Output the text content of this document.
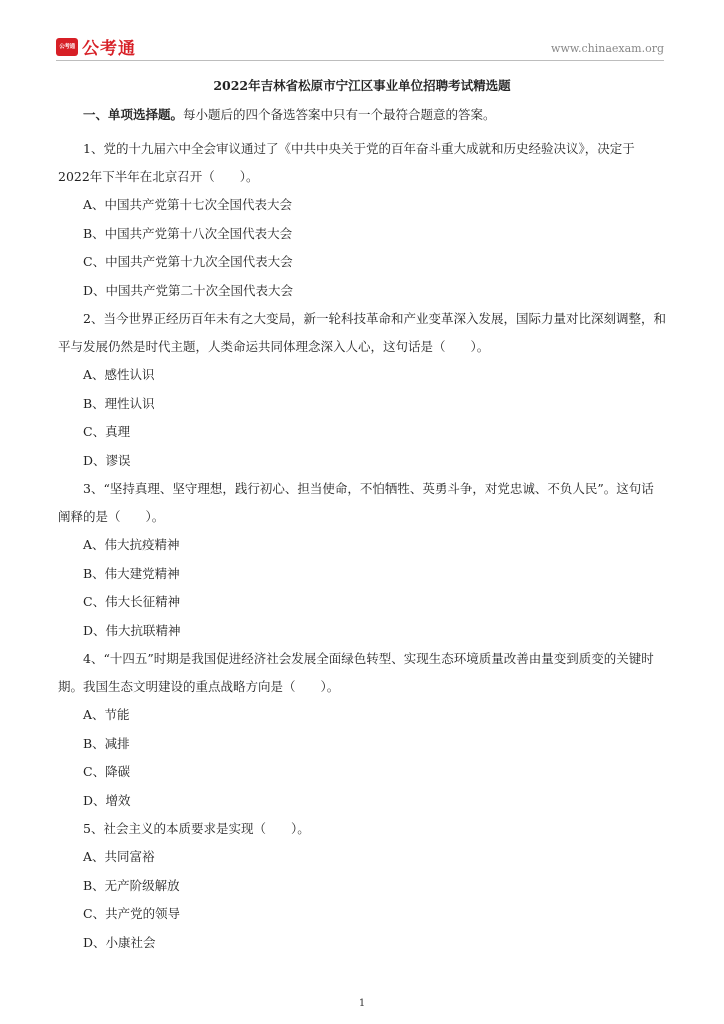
公考通 公考通	www.chinaexam.org
2022年吉林省松原市宁江区事业单位招聘考试精选题

一、单项选择题。每小题后的四个备选答案中只有一个最符合题意的答案。

1、党的十九届六中全会审议通过了《中共中央关于党的百年奋斗重大成就和历史经验决议》，决定于2022年下半年在北京召开（　　）。

A、中国共产党第十七次全国代表大会

B、中国共产党第十八次全国代表大会

C、中国共产党第十九次全国代表大会

D、中国共产党第二十次全国代表大会

2、当今世界正经历百年未有之大变局，新一轮科技革命和产业变革深入发展，国际力量对比深刻调整，和平与发展仍然是时代主题，人类命运共同体理念深入人心，这句话是（　　）。

A、感性认识

B、理性认识

C、真理

D、谬误

3、“坚持真理、坚守理想，践行初心、担当使命，不怕牺牲、英勇斗争，对党忠诚、不负人民”。这句话阐释的是（　　）。

A、伟大抗疫精神

B、伟大建党精神

C、伟大长征精神

D、伟大抗联精神

4、“十四五”时期是我国促进经济社会发展全面绿色转型、实现生态环境质量改善由量变到质变的关键时期。我国生态文明建设的重点战略方向是（　　）。

A、节能

B、减排

C、降碳

D、增效

5、社会主义的本质要求是实现（　　）。

A、共同富裕

B、无产阶级解放

C、共产党的领导

D、小康社会

1
